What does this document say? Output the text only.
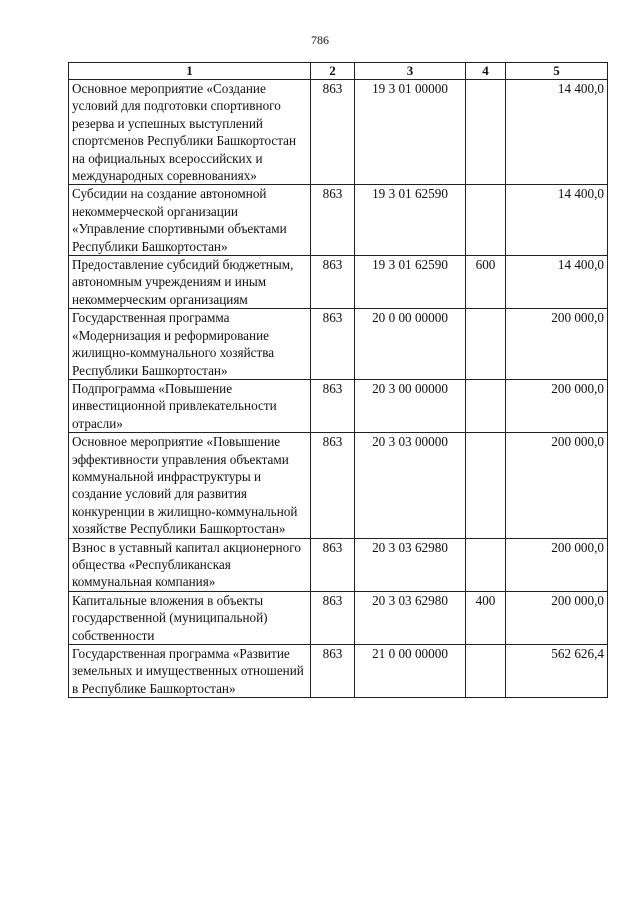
786
1	2	3	4	5
Основное мероприятие «Создание условий для подготовки спортивного резерва и успешных выступлений спортсменов Республики Башкортостан на официальных всероссийских и международных соревнованиях»	863	19 3 01 00000		14 400,0
Субсидии на создание автономной некоммерческой организации «Управление спортивными объектами Республики Башкортостан»	863	19 3 01 62590		14 400,0
Предоставление субсидий бюджетным, автономным учреждениям и иным некоммерческим организациям	863	19 3 01 62590	600	14 400,0
Государственная программа «Модернизация и реформирование жилищно-коммунального хозяйства Республики Башкортостан»	863	20 0 00 00000		200 000,0
Подпрограмма «Повышение инвестиционной привлекательности отрасли»	863	20 3 00 00000		200 000,0
Основное мероприятие «Повышение эффективности управления объектами коммунальной инфраструктуры и создание условий для развития конкуренции в жилищно-коммунальной хозяйстве Республики Башкортостан»	863	20 3 03 00000		200 000,0
Взнос в уставный капитал акционерного общества «Республиканская коммунальная компания»	863	20 3 03 62980		200 000,0
Капитальные вложения в объекты государственной (муниципальной) собственности	863	20 3 03 62980	400	200 000,0
Государственная программа «Развитие земельных и имущественных отношений в Республике Башкортостан»	863	21 0 00 00000		562 626,4
